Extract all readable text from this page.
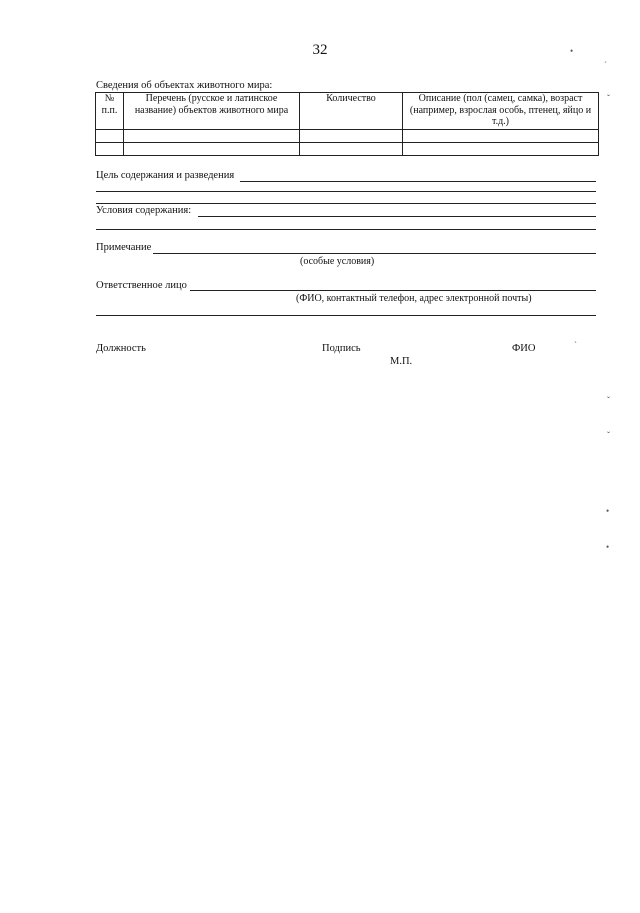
32
Сведения об объектах животного мира:
№ п.п.	Перечень (русское и латинское название) объектов животного мира	Количество	Описание (пол (самец, самка), возраст (например, взрослая особь, птенец, яйцо и т.д.)

Цель содержания и разведения
Условия содержания:
Примечание
(особые условия)
Ответственное лицо
(ФИО, контактный телефон, адрес электронной почты)
Должность	Подпись	ФИО
М.П.
•
ˊ
ˇ
ˋ
ˇ
ˇ
•
•
